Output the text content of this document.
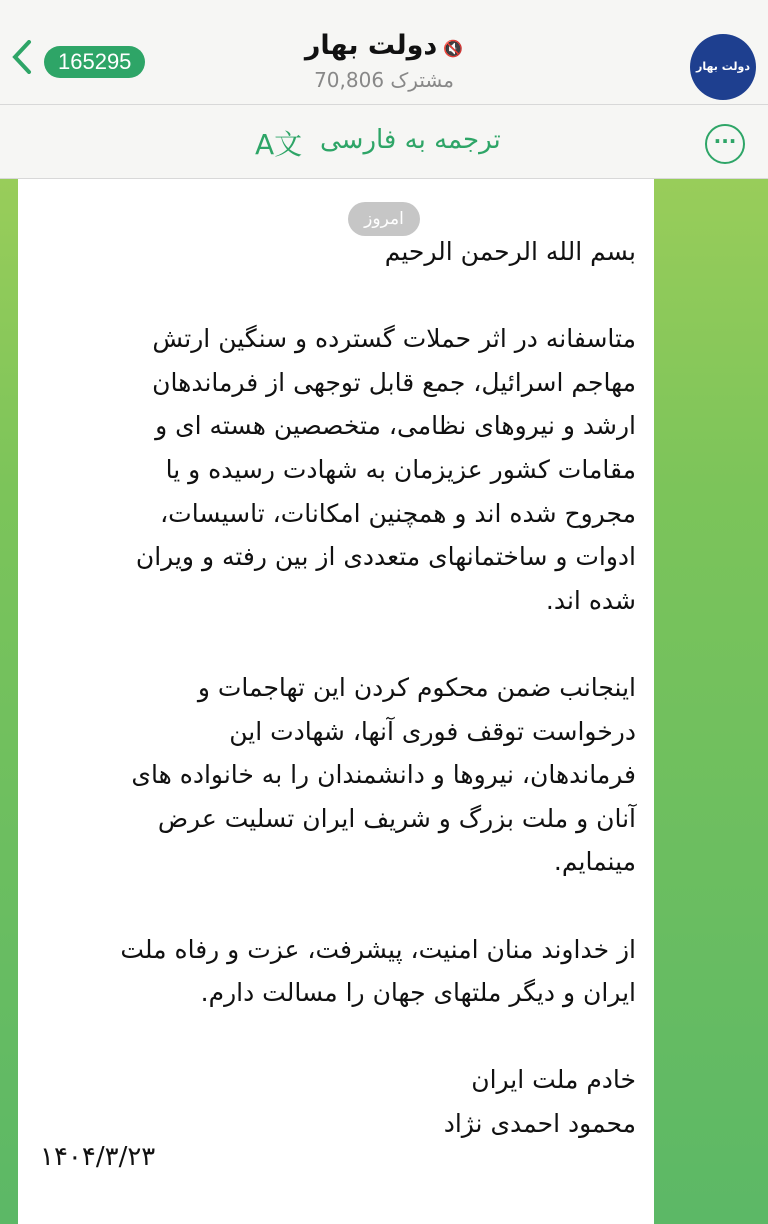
165295
دولت بهار 🔇
70,806 مشترک
دولت بهار
A文 ترجمه به فارسی	···
بسم الله الرحمن الرحیم
متاسفانه در اثر حملات گسترده و سنگین ارتش
مهاجم اسرائیل، جمع قابل توجهی از فرماندهان
ارشد و نیروهای نظامی، متخصصین هسته ای و
مقامات کشور عزیزمان به شهادت رسیده و یا
مجروح شده اند و همچنین امکانات، تاسیسات،
ادوات و ساختمانهای متعددی از بین رفته و ویران
شده اند.
اینجانب ضمن محکوم کردن این تهاجمات و
درخواست توقف فوری آنها، شهادت این
فرماندهان، نیروها و دانشمندان را به خانواده های
آنان و ملت بزرگ و شریف ایران تسلیت عرض
مینمایم.
از خداوند منان امنیت، پیشرفت، عزت و رفاه ملت
ایران و دیگر ملتهای جهان را مسالت دارم.
خادم ملت ایران
محمود احمدی نژاد
امروز
۱۴۰۴/۳/۲۳
